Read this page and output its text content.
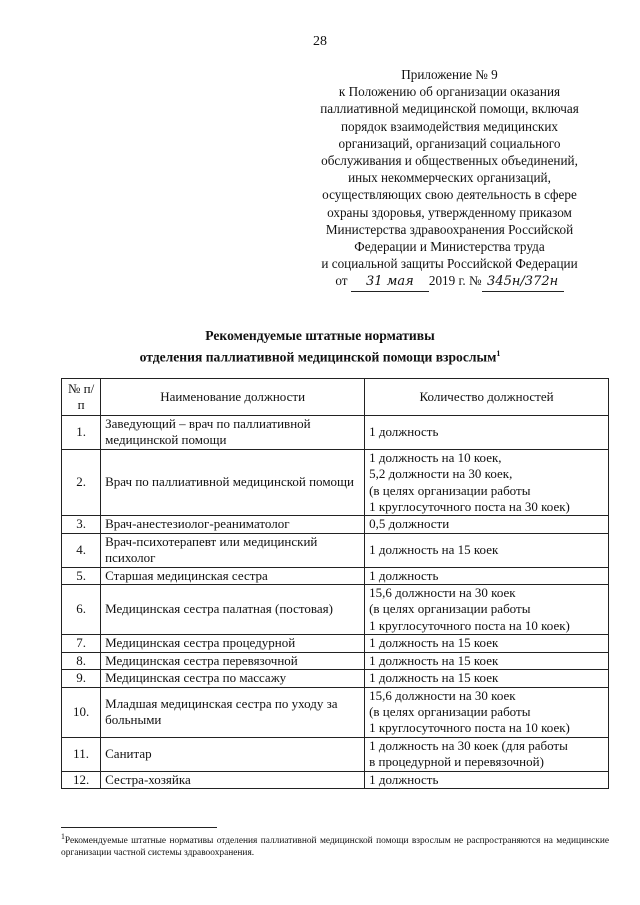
28
Приложение № 9
к Положению об организации оказания
паллиативной медицинской помощи, включая
порядок взаимодействия медицинских
организаций, организаций социального
обслуживания и общественных объединений,
иных некоммерческих организаций,
осуществляющих свою деятельность в сфере
охраны здоровья, утвержденному приказом
Министерства здравоохранения Российской
Федерации и Министерства труда
и социальной защиты Российской Федерации
от
	31 мая	2019 г. № 345н/372н
Рекомендуемые штатные нормативы
отделения паллиативной медицинской помощи взрослым$^1$
№ п/п	Наименование должности	Количество должностей
1.	Заведующий – врач по паллиативной медицинской помощи	1 должность

2.	Врач по паллиативной медицинской помощи	1 должность на 10 коек,
5,2 должности на 30 коек,
(в целях организации работы
1 круглосуточного поста на 30 коек)

3.	Врач-анестезиолог-реаниматолог	0,5 должности

4.	Врач-психотерапевт или медицинский психолог	1 должность на 15 коек

5.	Старшая медицинская сестра	1 должность

6.	Медицинская сестра палатная (постовая)	15,6 должности на 30 коек
(в целях организации работы
1 круглосуточного поста на 10 коек)

7.	Медицинская сестра процедурной	1 должность на 15 коек

8.	Медицинская сестра перевязочной	1 должность на 15 коек

9.	Медицинская сестра по массажу	1 должность на 15 коек

10.	Младшая медицинская сестра по уходу за больными	15,6 должности на 30 коек
(в целях организации работы
1 круглосуточного поста на 10 коек)

11.	Санитар	1 должность на 30 коек (для работы
в процедурной и перевязочной)

12.	Сестра-хозяйка	1 должность
$^1$Рекомендуемые штатные нормативы отделения паллиативной медицинской помощи взрослым не распространяются на медицинские организации частной системы здравоохранения.
